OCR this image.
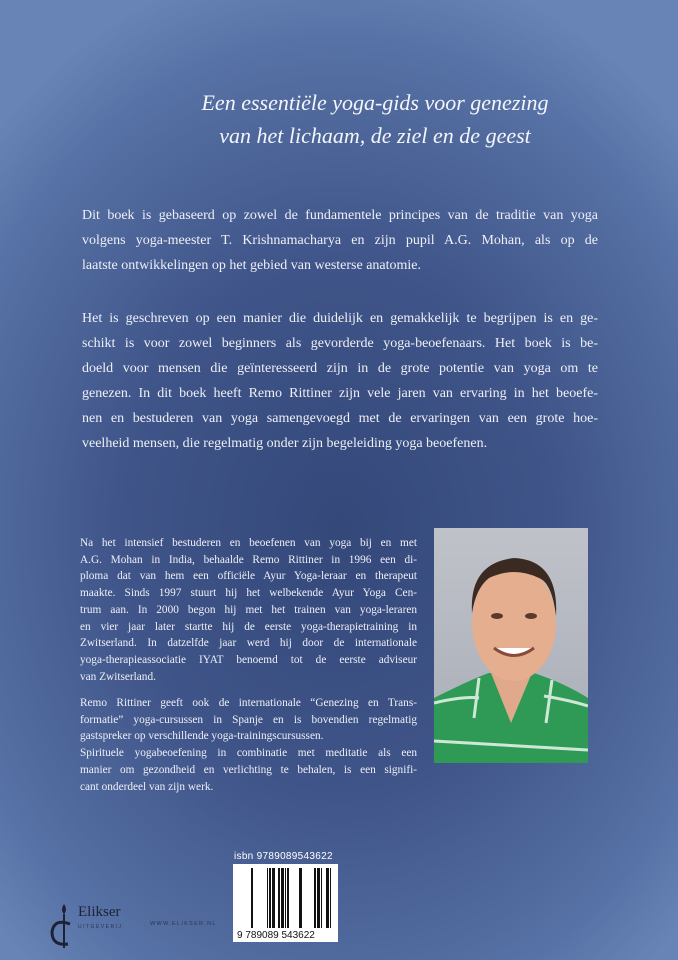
Een essentiële yoga-gids voor genezing
van het lichaam, de ziel en de geest
Dit boek is gebaseerd op zowel de fundamentele principes van de traditie van yoga
volgens yoga-meester T. Krishnamacharya en zijn pupil A.G. Mohan, als op de
laatste ontwikkelingen op het gebied van westerse anatomie.
Het is geschreven op een manier die duidelijk en gemakkelijk te begrijpen is en ge-
schikt is voor zowel beginners als gevorderde yoga-beoefenaars. Het boek is be-
doeld voor mensen die geïnteresseerd zijn in de grote potentie van yoga om te
genezen. In dit boek heeft Remo Rittiner zijn vele jaren van ervaring in het beoefe-
nen en bestuderen van yoga samengevoegd met de ervaringen van een grote hoe-
veelheid mensen, die regelmatig onder zijn begeleiding yoga beoefenen.
Na het intensief bestuderen en beoefenen van yoga bij en met
A.G. Mohan in India, behaalde Remo Rittiner in 1996 een di-
ploma dat van hem een officiële Ayur Yoga-leraar en therapeut
maakte. Sinds 1997 stuurt hij het welbekende Ayur Yoga Cen-
trum aan. In 2000 begon hij met het trainen van yoga-leraren
en vier jaar later startte hij de eerste yoga-therapietraining in
Zwitserland. In datzelfde jaar werd hij door de internationale
yoga-therapieassociatie IYAT benoemd tot de eerste adviseur
van Zwitserland.
Remo Rittiner geeft ook de internationale “Genezing en Trans-
formatie” yoga-cursussen in Spanje en is bovendien regelmatig
gastspreker op verschillende yoga-trainingscursussen.
Spirituele yogabeoefening in combinatie met meditatie als een
manier om gezondheid en verlichting te behalen, is een signifi-
cant onderdeel van zijn werk.
isbn 9789089543622
9 789089 543622
Elikser
UITGEVERIJ	WWW.ELIKSER.NL
